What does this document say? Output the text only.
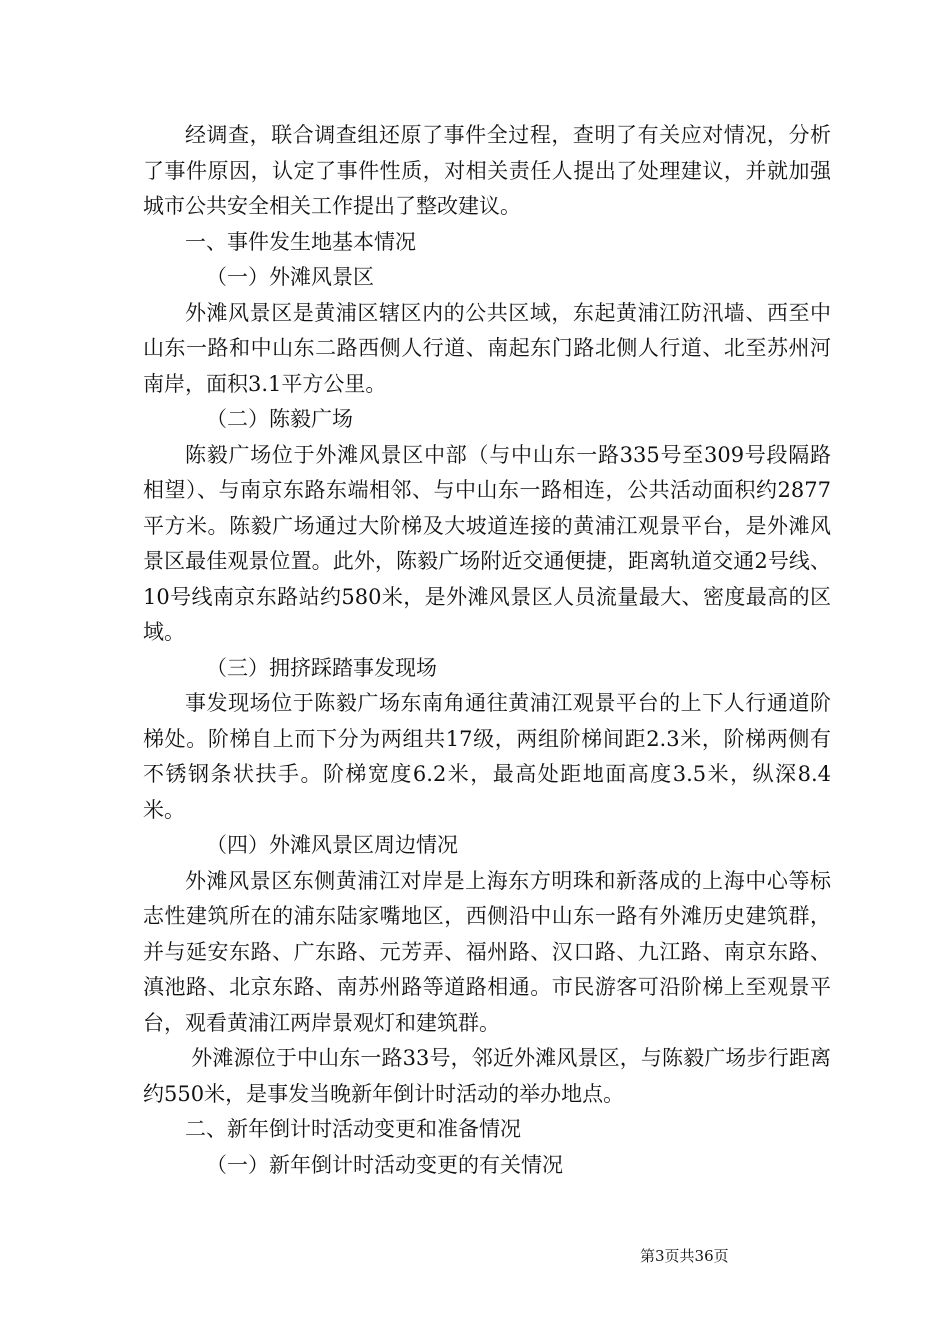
经调查，联合调查组还原了事件全过程，查明了有关应对情况，分析了事件原因，认定了事件性质，对相关责任人提出了处理建议，并就加强城市公共安全相关工作提出了整改建议。

一、事件发生地基本情况

（一）外滩风景区

外滩风景区是黄浦区辖区内的公共区域，东起黄浦江防汛墙、西至中山东一路和中山东二路西侧人行道、南起东门路北侧人行道、北至苏州河南岸，面积3.1平方公里。

（二）陈毅广场

陈毅广场位于外滩风景区中部（与中山东一路335号至309号段隔路相望）、与南京东路东端相邻、与中山东一路相连，公共活动面积约2877平方米。陈毅广场通过大阶梯及大坡道连接的黄浦江观景平台，是外滩风景区最佳观景位置。此外，陈毅广场附近交通便捷，距离轨道交通2号线、10号线南京东路站约580米，是外滩风景区人员流量最大、密度最高的区域。

（三）拥挤踩踏事发现场

事发现场位于陈毅广场东南角通往黄浦江观景平台的上下人行通道阶梯处。阶梯自上而下分为两组共17级，两组阶梯间距2.3米，阶梯两侧有不锈钢条状扶手。阶梯宽度6.2米，最高处距地面高度3.5米，纵深8.4米。

（四）外滩风景区周边情况

外滩风景区东侧黄浦江对岸是上海东方明珠和新落成的上海中心等标志性建筑所在的浦东陆家嘴地区，西侧沿中山东一路有外滩历史建筑群，并与延安东路、广东路、元芳弄、福州路、汉口路、九江路、南京东路、滇池路、北京东路、南苏州路等道路相通。市民游客可沿阶梯上至观景平台，观看黄浦江两岸景观灯和建筑群。

外滩源位于中山东一路33号，邻近外滩风景区，与陈毅广场步行距离约550米，是事发当晚新年倒计时活动的举办地点。

二、新年倒计时活动变更和准备情况

（一）新年倒计时活动变更的有关情况

第3页共36页
